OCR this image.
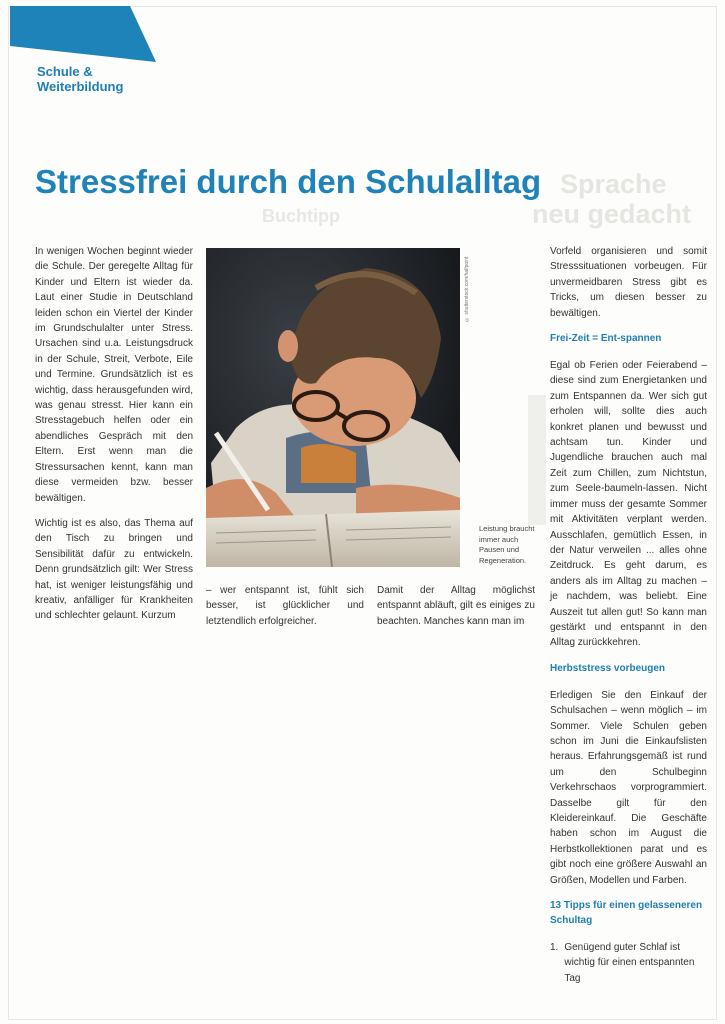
Schule &
Weiterbildung
Sprache
neu gedacht
Buchtipp
Stressfrei durch den Schulalltag

In wenigen Wochen beginnt wieder die Schule. Der geregelte Alltag für Kinder und Eltern ist wieder da. Laut einer Studie in Deutschland leiden schon ein Viertel der Kinder im Grundschulalter unter Stress. Ursachen sind u.a. Leistungsdruck in der Schule, Streit, Verbote, Eile und Termine. Grundsätzlich ist es wichtig, dass herausgefunden wird, was genau stresst. Hier kann ein Stresstagebuch helfen oder ein abendliches Gespräch mit den Eltern. Erst wenn man die Stressursachen kennt, kann man diese vermeiden bzw. besser bewältigen.

Wichtig ist es also, das Thema auf den Tisch zu bringen und Sensibilität dafür zu entwickeln. Denn grundsätzlich gilt: Wer Stress hat, ist weniger leistungsfähig und kreativ, anfälliger für Krankheiten und schlechter gelaunt. Kurzum

© shutterstock.com/halfpoint
Leistung braucht immer auch Pausen und Regeneration.

– wer entspannt ist, fühlt sich besser, ist glücklicher und letztendlich erfolgreicher.

Damit der Alltag möglichst entspannt abläuft, gilt es einiges zu beachten. Manches kann man im

Vorfeld organisieren und somit Stresssituationen vorbeugen. Für unvermeidbaren Stress gibt es Tricks, um diesen besser zu bewältigen.

Frei-Zeit = Ent-spannen

Egal ob Ferien oder Feierabend – diese sind zum Energietanken und zum Entspannen da. Wer sich gut erholen will, sollte dies auch konkret planen und bewusst und achtsam tun. Kinder und Jugendliche brauchen auch mal Zeit zum Chillen, zum Nichtstun, zum Seele-baumeln-lassen. Nicht immer muss der gesamte Sommer mit Aktivitäten verplant werden. Ausschlafen, gemütlich Essen, in der Natur verweilen ... alles ohne Zeitdruck. Es geht darum, es anders als im Alltag zu machen – je nachdem, was beliebt. Eine Auszeit tut allen gut! So kann man gestärkt und entspannt in den Alltag zurückkehren.

Herbststress vorbeugen

Erledigen Sie den Einkauf der Schulsachen – wenn möglich – im Sommer. Viele Schulen geben schon im Juni die Einkaufslisten heraus. Erfahrungsgemäß ist rund um den Schulbeginn Verkehrschaos vorprogrammiert. Dasselbe gilt für den Kleidereinkauf. Die Geschäfte haben schon im August die Herbstkollektionen parat und es gibt noch eine größere Auswahl an Größen, Modellen und Farben.

13 Tipps für einen gelasseneren Schultag
1. Genügend guter Schlaf ist wichtig für einen entspannten Tag
